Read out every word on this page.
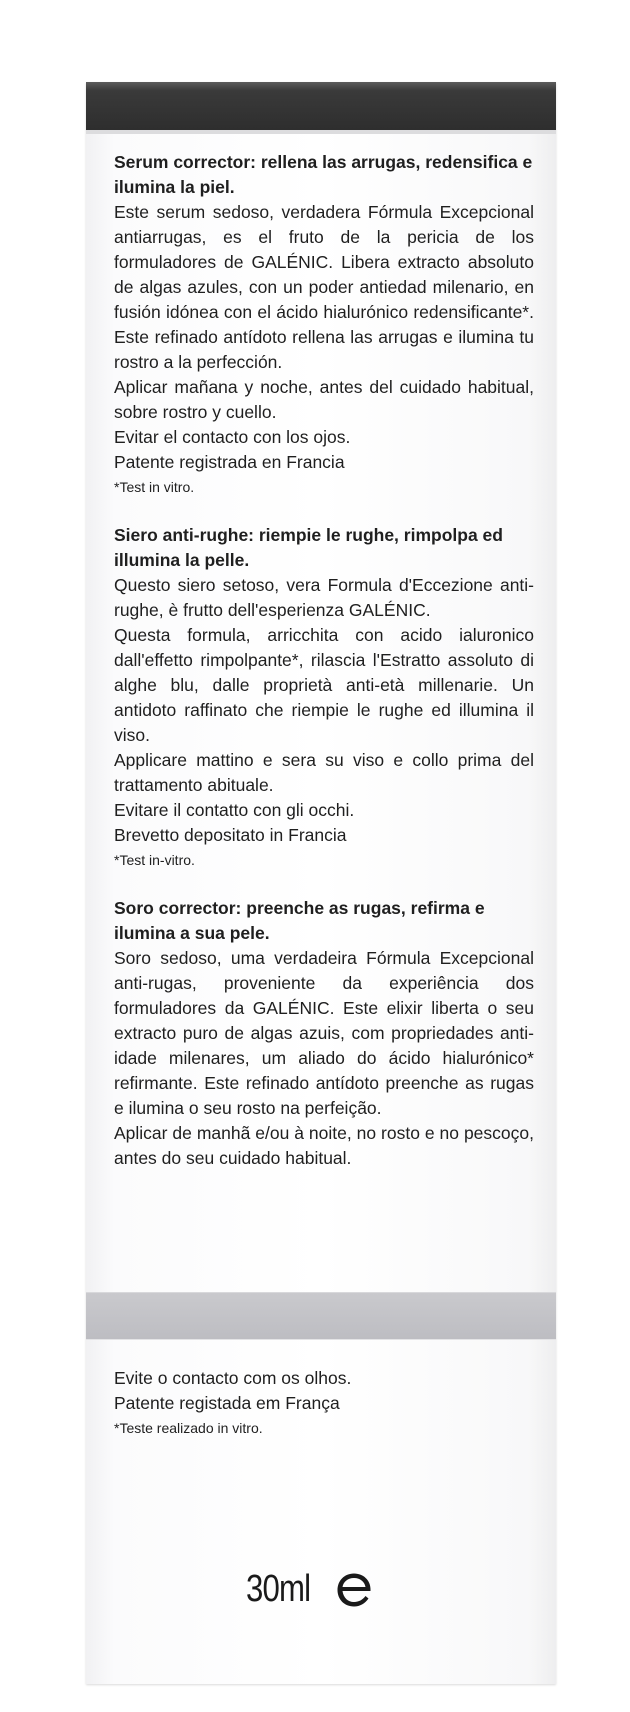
Serum corrector: rellena las arrugas, redensifica e ilumina la piel.

Este serum sedoso, verdadera Fórmula Excepcional antiarrugas, es el fruto de la pericia de los formuladores de GALÉNIC. Libera extracto absoluto de algas azules, con un poder antiedad milenario, en fusión idónea con el ácido hialurónico redensificante*. Este refinado antídoto rellena las arrugas e ilumina tu rostro a la perfección.

Aplicar mañana y noche, antes del cuidado habitual, sobre rostro y cuello.

Evitar el contacto con los ojos.

Patente registrada en Francia

*Test in vitro.

Siero anti-rughe: riempie le rughe, rimpolpa ed illumina la pelle.

Questo siero setoso, vera Formula d'Eccezione anti-rughe, è frutto dell'esperienza GALÉNIC.

Questa formula, arricchita con acido ialuronico dall'effetto rimpolpante*, rilascia l'Estratto assoluto di alghe blu, dalle proprietà anti-età millenarie. Un antidoto raffinato che riempie le rughe ed illumina il viso.

Applicare mattino e sera su viso e collo prima del trattamento abituale.

Evitare il contatto con gli occhi.

Brevetto depositato in Francia

*Test in-vitro.

Soro corrector: preenche as rugas, refirma e ilumina a sua pele.

Soro sedoso, uma verdadeira Fórmula Excepcional anti-rugas, proveniente da experiência dos formuladores da GALÉNIC. Este elixir liberta o seu extracto puro de algas azuis, com propriedades anti-idade milenares, um aliado do ácido hialurónico* refirmante. Este refinado antídoto preenche as rugas e ilumina o seu rosto na perfeição.

Aplicar de manhã e/ou à noite, no rosto e no pescoço, antes do seu cuidado habitual.

Evite o contacto com os olhos.

Patente registada em França

*Teste realizado in vitro.

30ml
